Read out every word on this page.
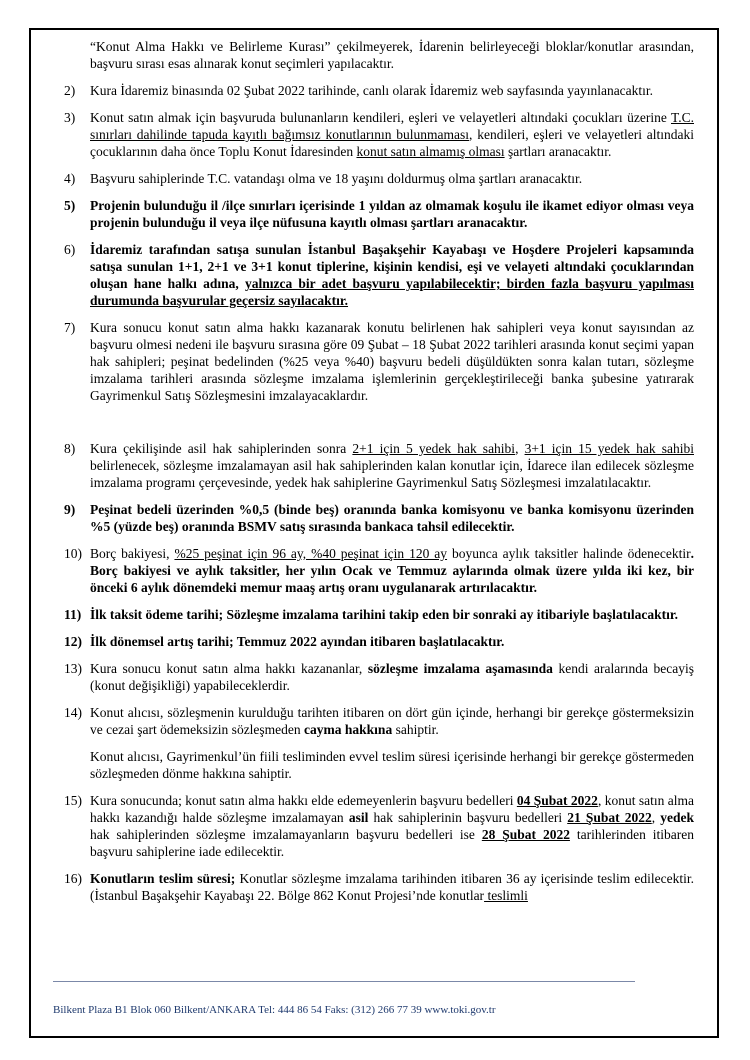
“Konut Alma Hakkı ve Belirleme Kurası” çekilmeyerek, İdarenin belirleyeceği bloklar/konutlar arasından, başvuru sırası esas alınarak konut seçimleri yapılacaktır.
2) Kura İdaremiz binasında 02 Şubat 2022 tarihinde, canlı olarak İdaremiz web sayfasında yayınlanacaktır.
3) Konut satın almak için başvuruda bulunanların kendileri, eşleri ve velayetleri altındaki çocukları üzerine T.C. sınırları dahilinde tapuda kayıtlı bağımsız konutlarının bulunmaması, kendileri, eşleri ve velayetleri altındaki çocuklarının daha önce Toplu Konut İdaresinden konut satın almamış olması şartları aranacaktır.
4) Başvuru sahiplerinde T.C. vatandaşı olma ve 18 yaşını doldurmuş olma şartları aranacaktır.
5) Projenin bulunduğu il /ilçe sınırları içerisinde 1 yıldan az olmamak koşulu ile ikamet ediyor olması veya projenin bulunduğu il veya ilçe nüfusuna kayıtlı olması şartları aranacaktır.
6) İdaremiz tarafından satışa sunulan İstanbul Başakşehir Kayabaşı ve Hoşdere Projeleri kapsamında satışa sunulan 1+1, 2+1 ve 3+1 konut tiplerine, kişinin kendisi, eşi ve velayeti altındaki çocuklarından oluşan hane halkı adına, yalnızca bir adet başvuru yapılabilecektir; birden fazla başvuru yapılması durumunda başvurular geçersiz sayılacaktır.
7) Kura sonucu konut satın alma hakkı kazanarak konutu belirlenen hak sahipleri veya konut sayısından az başvuru olmesi nedeni ile başvuru sırasına göre 09 Şubat – 18 Şubat 2022 tarihleri arasında konut seçimi yapan hak sahipleri; peşinat bedelinden (%25 veya %40) başvuru bedeli düşüldükten sonra kalan tutarı, sözleşme imzalama tarihleri arasında sözleşme imzalama işlemlerinin gerçekleştirileceği banka şubesine yatırarak Gayrimenkul Satış Sözleşmesini imzalayacaklardır.
8) Kura çekilişinde asil hak sahiplerinden sonra 2+1 için 5 yedek hak sahibi, 3+1 için 15 yedek hak sahibi belirlenecek, sözleşme imzalamayan asil hak sahiplerinden kalan konutlar için, İdarece ilan edilecek sözleşme imzalama programı çerçevesinde, yedek hak sahiplerine Gayrimenkul Satış Sözleşmesi imzalatılacaktır.
9) Peşinat bedeli üzerinden %0,5 (binde beş) oranında banka komisyonu ve banka komisyonu üzerinden %5 (yüzde beş) oranında BSMV satış sırasında bankaca tahsil edilecektir.
10) Borç bakiyesi, %25 peşinat için 96 ay, %40 peşinat için 120 ay boyunca aylık taksitler halinde ödenecektir. Borç bakiyesi ve aylık taksitler, her yılın Ocak ve Temmuz aylarında olmak üzere yılda iki kez, bir önceki 6 aylık dönemdeki memur maaş artış oranı uygulanarak artırılacaktır.
11) İlk taksit ödeme tarihi; Sözleşme imzalama tarihini takip eden bir sonraki ay itibariyle başlatılacaktır.
12) İlk dönemsel artış tarihi; Temmuz 2022 ayından itibaren başlatılacaktır.
13) Kura sonucu konut satın alma hakkı kazananlar, sözleşme imzalama aşamasında kendi aralarında becayiş (konut değişikliği) yapabileceklerdir.
14) Konut alıcısı, sözleşmenin kurulduğu tarihten itibaren on dört gün içinde, herhangi bir gerekçe göstermeksizin ve cezai şart ödemeksizin sözleşmeden cayma hakkına sahiptir.
Konut alıcısı, Gayrimenkul’ün fiili tesliminden evvel teslim süresi içerisinde herhangi bir gerekçe göstermeden sözleşmeden dönme hakkına sahiptir.
15) Kura sonucunda; konut satın alma hakkı elde edemeyenlerin başvuru bedelleri 04 Şubat 2022, konut satın alma hakkı kazandığı halde sözleşme imzalamayan asil hak sahiplerinin başvuru bedelleri 21 Şubat 2022, yedek hak sahiplerinden sözleşme imzalamayanların başvuru bedelleri ise 28 Şubat 2022 tarihlerinden itibaren başvuru sahiplerine iade edilecektir.
16) Konutların teslim süresi; Konutlar sözleşme imzalama tarihinden itibaren 36 ay içerisinde teslim edilecektir. (İstanbul Başakşehir Kayabaşı 22. Bölge 862 Konut Projesi’nde konutlar teslimli
Bilkent Plaza B1 Blok 060 Bilkent/ANKARA Tel: 444 86 54 Faks: (312) 266 77 39 www.toki.gov.tr
